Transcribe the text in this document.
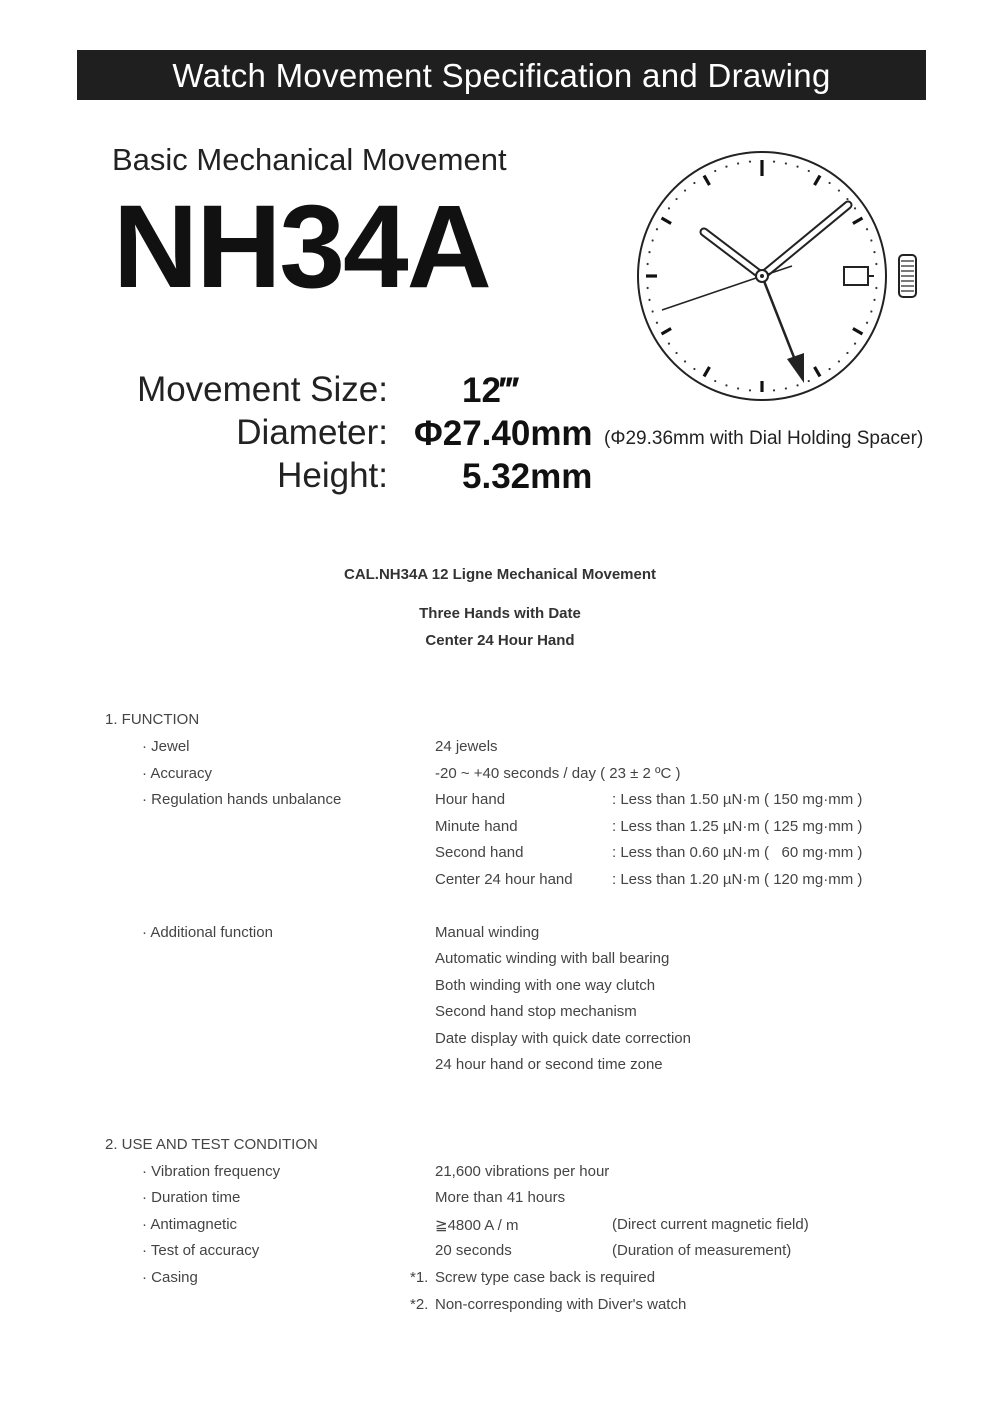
Watch Movement Specification and Drawing
Basic Mechanical Movement
NH34A
Movement Size: 12‴
Diameter: Φ27.40mm (Φ29.36mm with Dial Holding Spacer)
Height: 5.32mm
CAL.NH34A 12 Ligne Mechanical Movement
Three Hands with Date
Center 24 Hour Hand
1. FUNCTION
· Jewel	24 jewels
· Accuracy	-20 ~ +40 seconds / day ( 23 ± 2 ºC )
· Regulation hands unbalance	Hour hand	: Less than 1.50 µN·m ( 150 mg·mm )
Minute hand	: Less than 1.25 µN·m ( 125 mg·mm )
Second hand	: Less than 0.60 µN·m (   60 mg·mm )
Center 24 hour hand	: Less than 1.20 µN·m ( 120 mg·mm )
· Additional function	Manual winding
Automatic winding with ball bearing
Both winding with one way clutch
Second hand stop mechanism
Date display with quick date correction
24 hour hand or second time zone
2. USE AND TEST CONDITION
· Vibration frequency	21,600 vibrations per hour
· Duration time	More than 41 hours
· Antimagnetic	≧4800 A / m	(Direct current magnetic field)
· Test of accuracy	20 seconds	(Duration of measurement)
· Casing	*1. Screw type case back is required
*2. Non-corresponding with Diver's watch
